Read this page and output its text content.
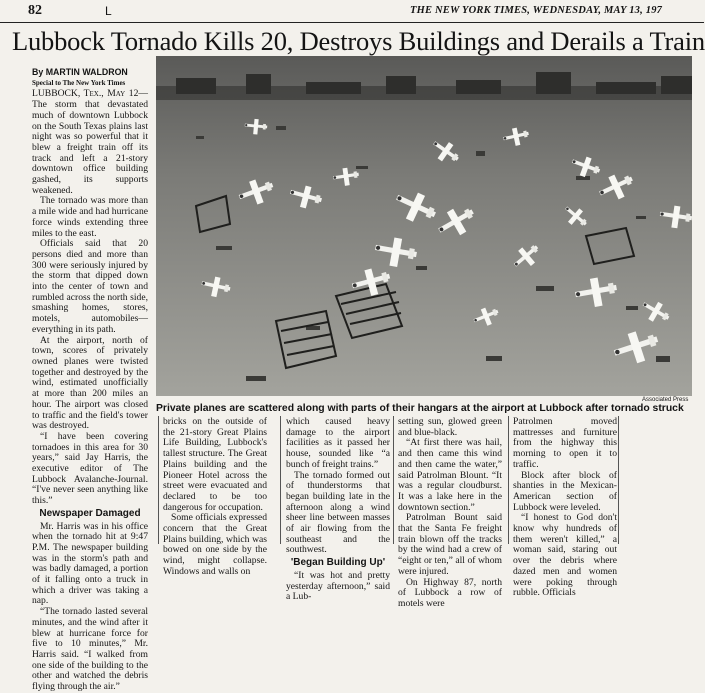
82	L	THE NEW YORK TIMES, WEDNESDAY, MAY 13, 197
Lubbock Tornado Kills 20, Destroys Buildings and Derails a Train

By MARTIN WALDRON

Special to The New York Times

LUBBOCK, Tex., May 12—The storm that devastated much of downtown Lubbock on the South Texas plains last night was so powerful that it blew a freight train off its track and left a 21-story downtown office building gashed, its supports weakened.

The tornado was more than a mile wide and had hurricane force winds extending three miles to the east.

Officials said that 20 persons died and more than 300 were seriously injured by the storm that dipped down into the center of town and rumbled across the north side, smashing homes, stores, motels, automobiles—everything in its path.

At the airport, north of town, scores of privately owned planes were twisted together and destroyed by the wind, estimated unofficially at more than 200 miles an hour. The airport was closed to traffic and the field's tower was destroyed.

“I have been covering tornadoes in this area for 30 years,” said Jay Harris, the executive editor of The Lubbock Avalanche-Journal. “I've never seen anything like this.”

Newspaper Damaged

Mr. Harris was in his office when the tornado hit at 9:47 P.M. The newspaper building was in the storm's path and was badly damaged, a portion of it falling onto a truck in which a driver was taking a nap.

“The tornado lasted several minutes, and the wind after it blew at hurricane force for five to 10 minutes,” Mr. Harris said. “I walked from one side of the building to the other and watched the debris flying through the air.”

Associated Press
Private planes are scattered along with parts of their hangars at the airport at Lubbock after tornado struck

bricks on the outside of the 21-story Great Plains Life Building, Lubbock's tallest structure. The Great Plains building and the Pioneer Hotel across the street were evacuated and declared to be too dangerous for occupation.

Some officials expressed concern that the Great Plains building, which was bowed on one side by the wind, might collapse. Windows and walls on

which caused heavy damage to the airport facilities as it passed her house, sounded like “a bunch of freight trains.”

The tornado formed out of thunderstorms that began building late in the afternoon along a wind sheer line between masses of air flowing from the southeast and the southwest.

'Began Building Up'

“It was hot and pretty yesterday afternoon,” said a Lub-

setting sun, glowed green and blue-black.

“At first there was hail, and then came this wind and then came the water,” said Patrolman Blount. “It was a regular cloudburst. It was a lake here in the downtown section.”

Patrolman Bount said that the Santa Fe freight train blown off the tracks by the wind had a crew of “eight or ten,” all of whom were injured.

On Highway 87, north of Lubbock a row of motels were

Patrolmen moved mattresses and furniture from the highway this morning to open it to traffic.

Block after block of shanties in the Mexican-American section of Lubbock were leveled.

“I honest to God don't know why hundreds of them weren't killed,” a woman said, staring out over the debris where dazed men and women were poking through rubble. Officials
